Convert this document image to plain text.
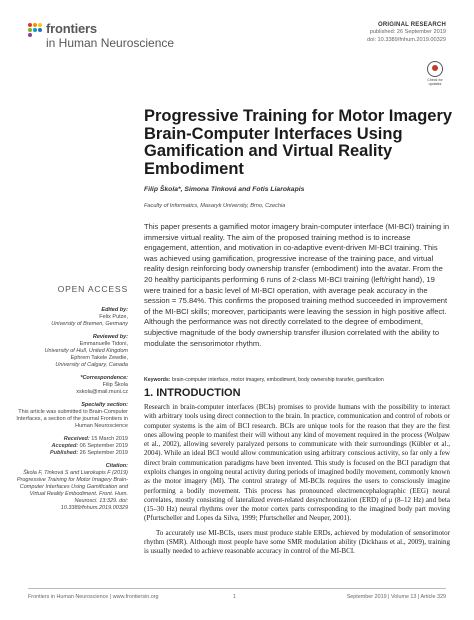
frontiers
in Human Neuroscience
ORIGINAL RESEARCH
published: 26 September 2019
doi: 10.3389/fnhum.2019.00329
Check for updates
Progressive Training for Motor Imagery Brain-Computer Interfaces Using Gamification and Virtual Reality Embodiment
Filip Škola*, Simona Tinková and Fotis Liarokapis
Faculty of Informatics, Masaryk University, Brno, Czechia
This paper presents a gamified motor imagery brain-computer interface (MI-BCI) training in immersive virtual reality. The aim of the proposed training method is to increase engagement, attention, and motivation in co-adaptive event-driven MI-BCI training. This was achieved using gamification, progressive increase of the training pace, and virtual reality design reinforcing body ownership transfer (embodiment) into the avatar. From the 20 healthy participants performing 6 runs of 2-class MI-BCI training (left/right hand), 19 were trained for a basic level of MI-BCI operation, with average peak accuracy in the session = 75.84%. This confirms the proposed training method succeeded in improvement of the MI-BCI skills; moreover, participants were leaving the session in high positive affect. Although the performance was not directly correlated to the degree of embodiment, subjective magnitude of the body ownership transfer illusion correlated with the ability to modulate the sensorimotor rhythm.
Keywords: brain-computer interface, motor imagery, embodiment, body ownership transfer, gamification
1. INTRODUCTION

Research in brain-computer interfaces (BCIs) promises to provide humans with the possibility to interact with arbitrary tools using direct connection to the brain. In practice, communication and control of robots or computer systems is the aim of BCI research. BCIs are unique tools for the reason that they are the first ones allowing people to manifest their will without any kind of movement required in the process (Wolpaw et al., 2002), allowing severely paralyzed persons to communicate with their surroundings (Kübler et al., 2004). While an ideal BCI would allow communication using arbitrary conscious activity, so far only a few direct brain communication paradigms have been invented. This study is focused on the BCI paradigm that exploits changes in ongoing neural activity during periods of imagined bodily movement, commonly known as the motor imagery (MI). The control strategy of MI-BCIs requires the users to consciously imagine performing a bodily movement. This process has pronounced electroencephalographic (EEG) neural correlates, mostly consisting of lateralized event-related desynchronization (ERD) of μ (8–12 Hz) and beta (15–30 Hz) neural rhythms over the motor cortex parts corresponding to the imagined body part moving (Pfurtscheller and Lopes da Silva, 1999; Pfurtscheller and Neuper, 2001).

To accurately use MI-BCIs, users must produce stable ERDs, achieved by modulation of sensorimotor rhythm (SMR). Although most people have some SMR modulation ability (Dickhaus et al., 2009), training is usually needed to achieve reasonable accuracy in control of the MI-BCI.

OPEN ACCESS
Edited by:
Felix Putze,
University of Bremen, Germany
Reviewed by:
Emmanuelle Tidoni,
University of Hull, United Kingdom
Ephrem Takele Zewdie,
University of Calgary, Canada
*Correspondence:
Filip Škola
xskola@mail.muni.cz
Specialty section:
This article was submitted to Brain-Computer Interfaces, a section of the journal Frontiers in Human Neuroscience
Received: 15 March 2019
Accepted: 06 September 2019
Published: 26 September 2019
Citation:
Škola F, Tinková S and Liarokapis F (2019) Progressive Training for Motor Imagery Brain-Computer Interfaces Using Gamification and Virtual Reality Embodiment. Front. Hum. Neurosci. 13:329. doi: 10.3389/fnhum.2019.00329
Frontiers in Human Neuroscience | www.frontiersin.org	1	September 2019 | Volume 13 | Article 329
